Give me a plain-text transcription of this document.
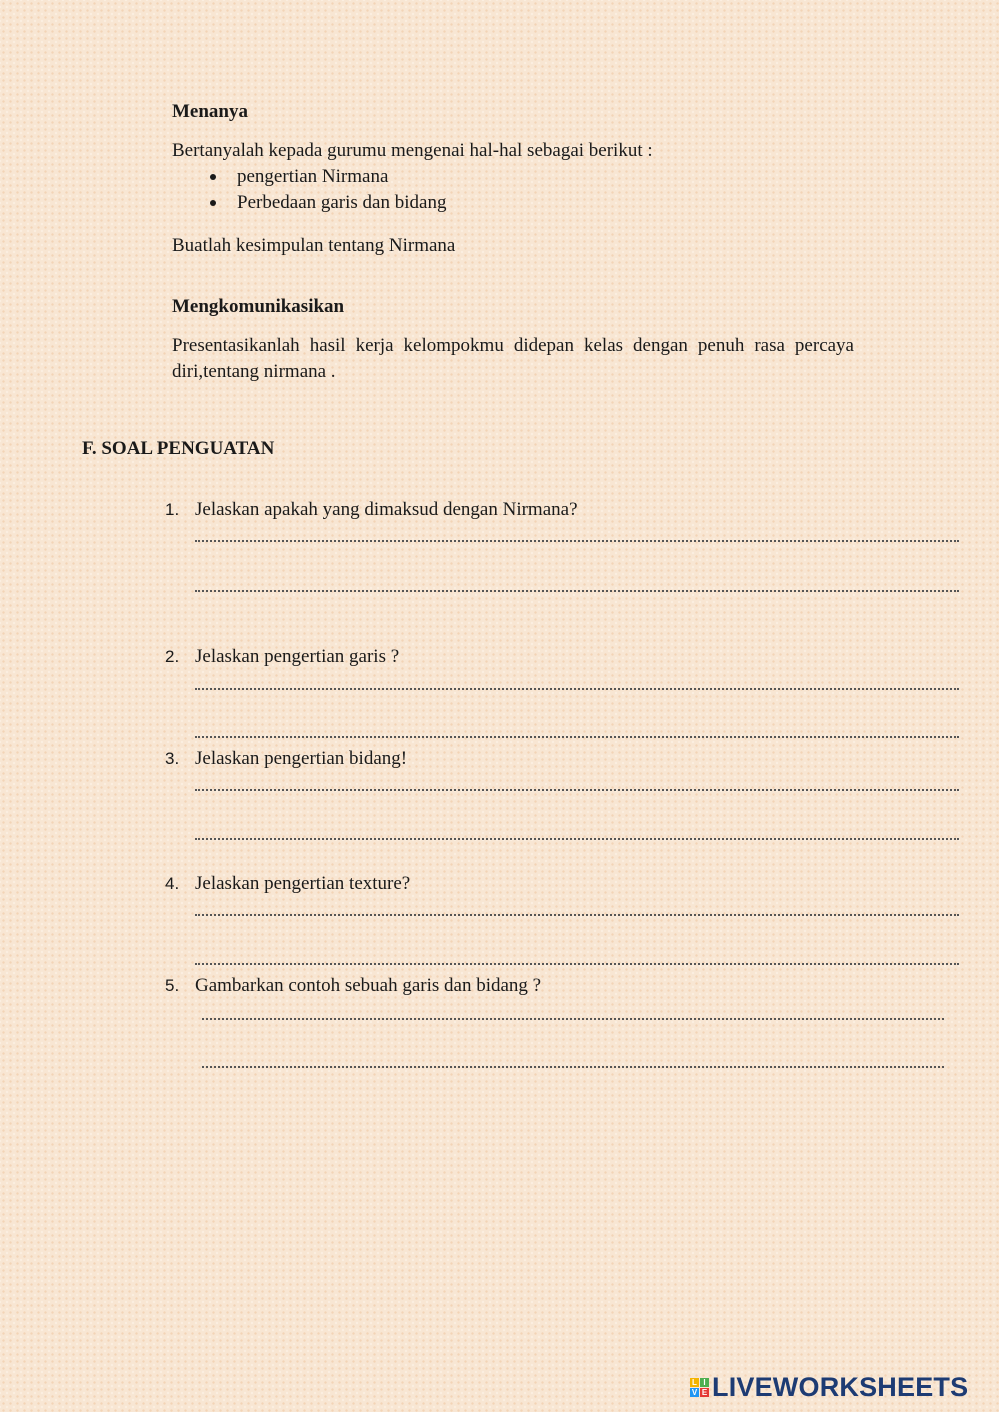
Menanya
Bertanyalah kepada gurumu mengenai hal-hal sebagai berikut :
pengertian Nirmana
Perbedaan garis dan bidang
Buatlah kesimpulan tentang Nirmana
Mengkomunikasikan
Presentasikanlah hasil kerja kelompokmu didepan kelas dengan penuh rasa percaya diri,tentang nirmana .
F. SOAL PENGUATAN
1. Jelaskan apakah yang dimaksud dengan Nirmana?
2. Jelaskan pengertian garis ?
3. Jelaskan pengertian bidang!
4. Jelaskan pengertian texture?
5. Gambarkan contoh sebuah garis dan bidang ?
L I
V E LIVEWORKSHEETS
